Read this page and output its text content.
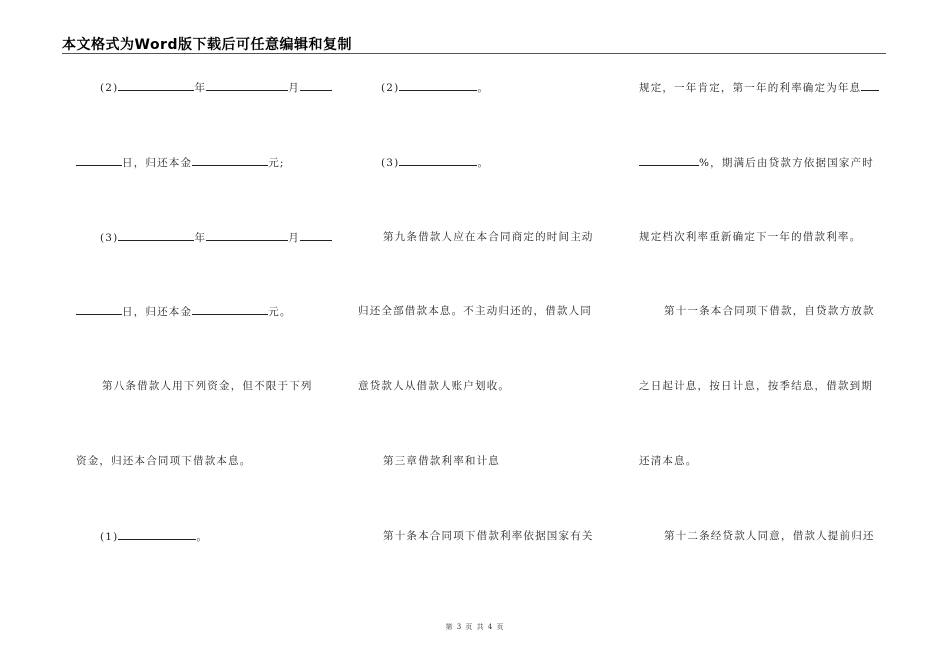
本文格式为Word版下载后可任意编辑和复制
(2)	年	月
日，归还本金	元;
(3)	年	月
日，归还本金	元。
第八条借款人用下列资金，但不限于下列
资金，归还本合同项下借款本息。
(1)	。
(2)	。
(3)	。
第九条借款人应在本合同商定的时间主动
归还全部借款本息。不主动归还的，借款人同
意贷款人从借款人账户划收。
第三章借款利率和计息
第十条本合同项下借款利率依据国家有关
规定，一年肯定，第一年的利率确定为年息
%，期满后由贷款方依据国家产时
规定档次利率重新确定下一年的借款利率。
第十一条本合同项下借款，自贷款方放款
之日起计息，按日计息，按季结息，借款到期
还清本息。
第十二条经贷款人同意，借款人提前归还
第 3 页 共 4 页
